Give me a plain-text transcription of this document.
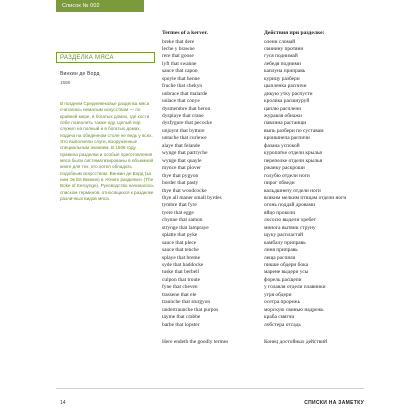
Список № 002
РАЗДЕЛКА МЯСА
Винкин де Ворд
1508

В позднем Средневековье разделка мяса считалась немалым искусством — по крайней мере, в богатых домах, где кости себе позволить также еду. Целый пир служил на полный и в богатых домах, подача на обеденном столе не ведь у всех. Это выполняли слуги, вооруженные специальным знанием. В 1508 году правила разделки и особые приготовления мяса были систематизированы в объемной книге для тех, кто хотел обладать подобным искусством. Винкин де Ворд (за ним Эк Ев Винкин) в «Книге разделки» (The Boke of Keruynge). Руководство начиналось списком терминов, относящихся к разделке различных видов мяса.

Termes of a kerver.	Действия при разделке:
breke that dere	олени сломай
leche y brawne	свинину протяни
rere that goose	гуся поднимай
lyft that swanne	лебедя подними
sauce that capon	каплуна приправь
spoyle that henne	курицу разбери
fruche that chekyn	цыпленка распичи
unbrace that malarde	дикую утку распусти
unlace that conye	кролика расшнуруй
dysmembre that heron	цаплю расчлени
dysplaye that crane	журавля обнажи
dysfygure that pecocke	павлина растаищи
unjoynt that bytture	выпь разбери по суставам
untache that curlewe	кроншнепа распичи
alaye that felande	фазана успокой
wynge that partryche	куропатке отдели крылья
wynge that quayle	перепелке отдели крылья
mynce that plover	ржанку раскроши
thye that pygyon	голубю отдели ноги
border that pasty	пирог обведи
thye that woodcocke	вальдшнепу отдели ноги
thye all maner small byrdes	всяким мелким птицам отдели ноги
tymbre that fyre	огонь поддай дровами
tyere that egge	яйцо проколи
chynne that samon	лососю выдели хребет
strynge that lampraye	минога вытяни струну
splatte that pyke	щуку распластай
sauce that plece	камбалу приправь
sauce that tenche	линя приправь
splaye that breme	леща распяли
syde that haddocke	пикше обдери бока
tuske that berbell	марене выдери усы
culpon that troute	форель расщепи
fyne that cheven	у голавля отдели плавники
trassene that ele	угря обдери
traunche that sturgyon	осетра прорежь
undertraunche that purpos	морскую свинью надрежь
tayme that crabbe	краба смягчи
barbe that lopster	лобстера отсадь
Here endeth the goodly termes	Конец достойных действий
14	СПИСКИ НА ЗАМЕТКУ
